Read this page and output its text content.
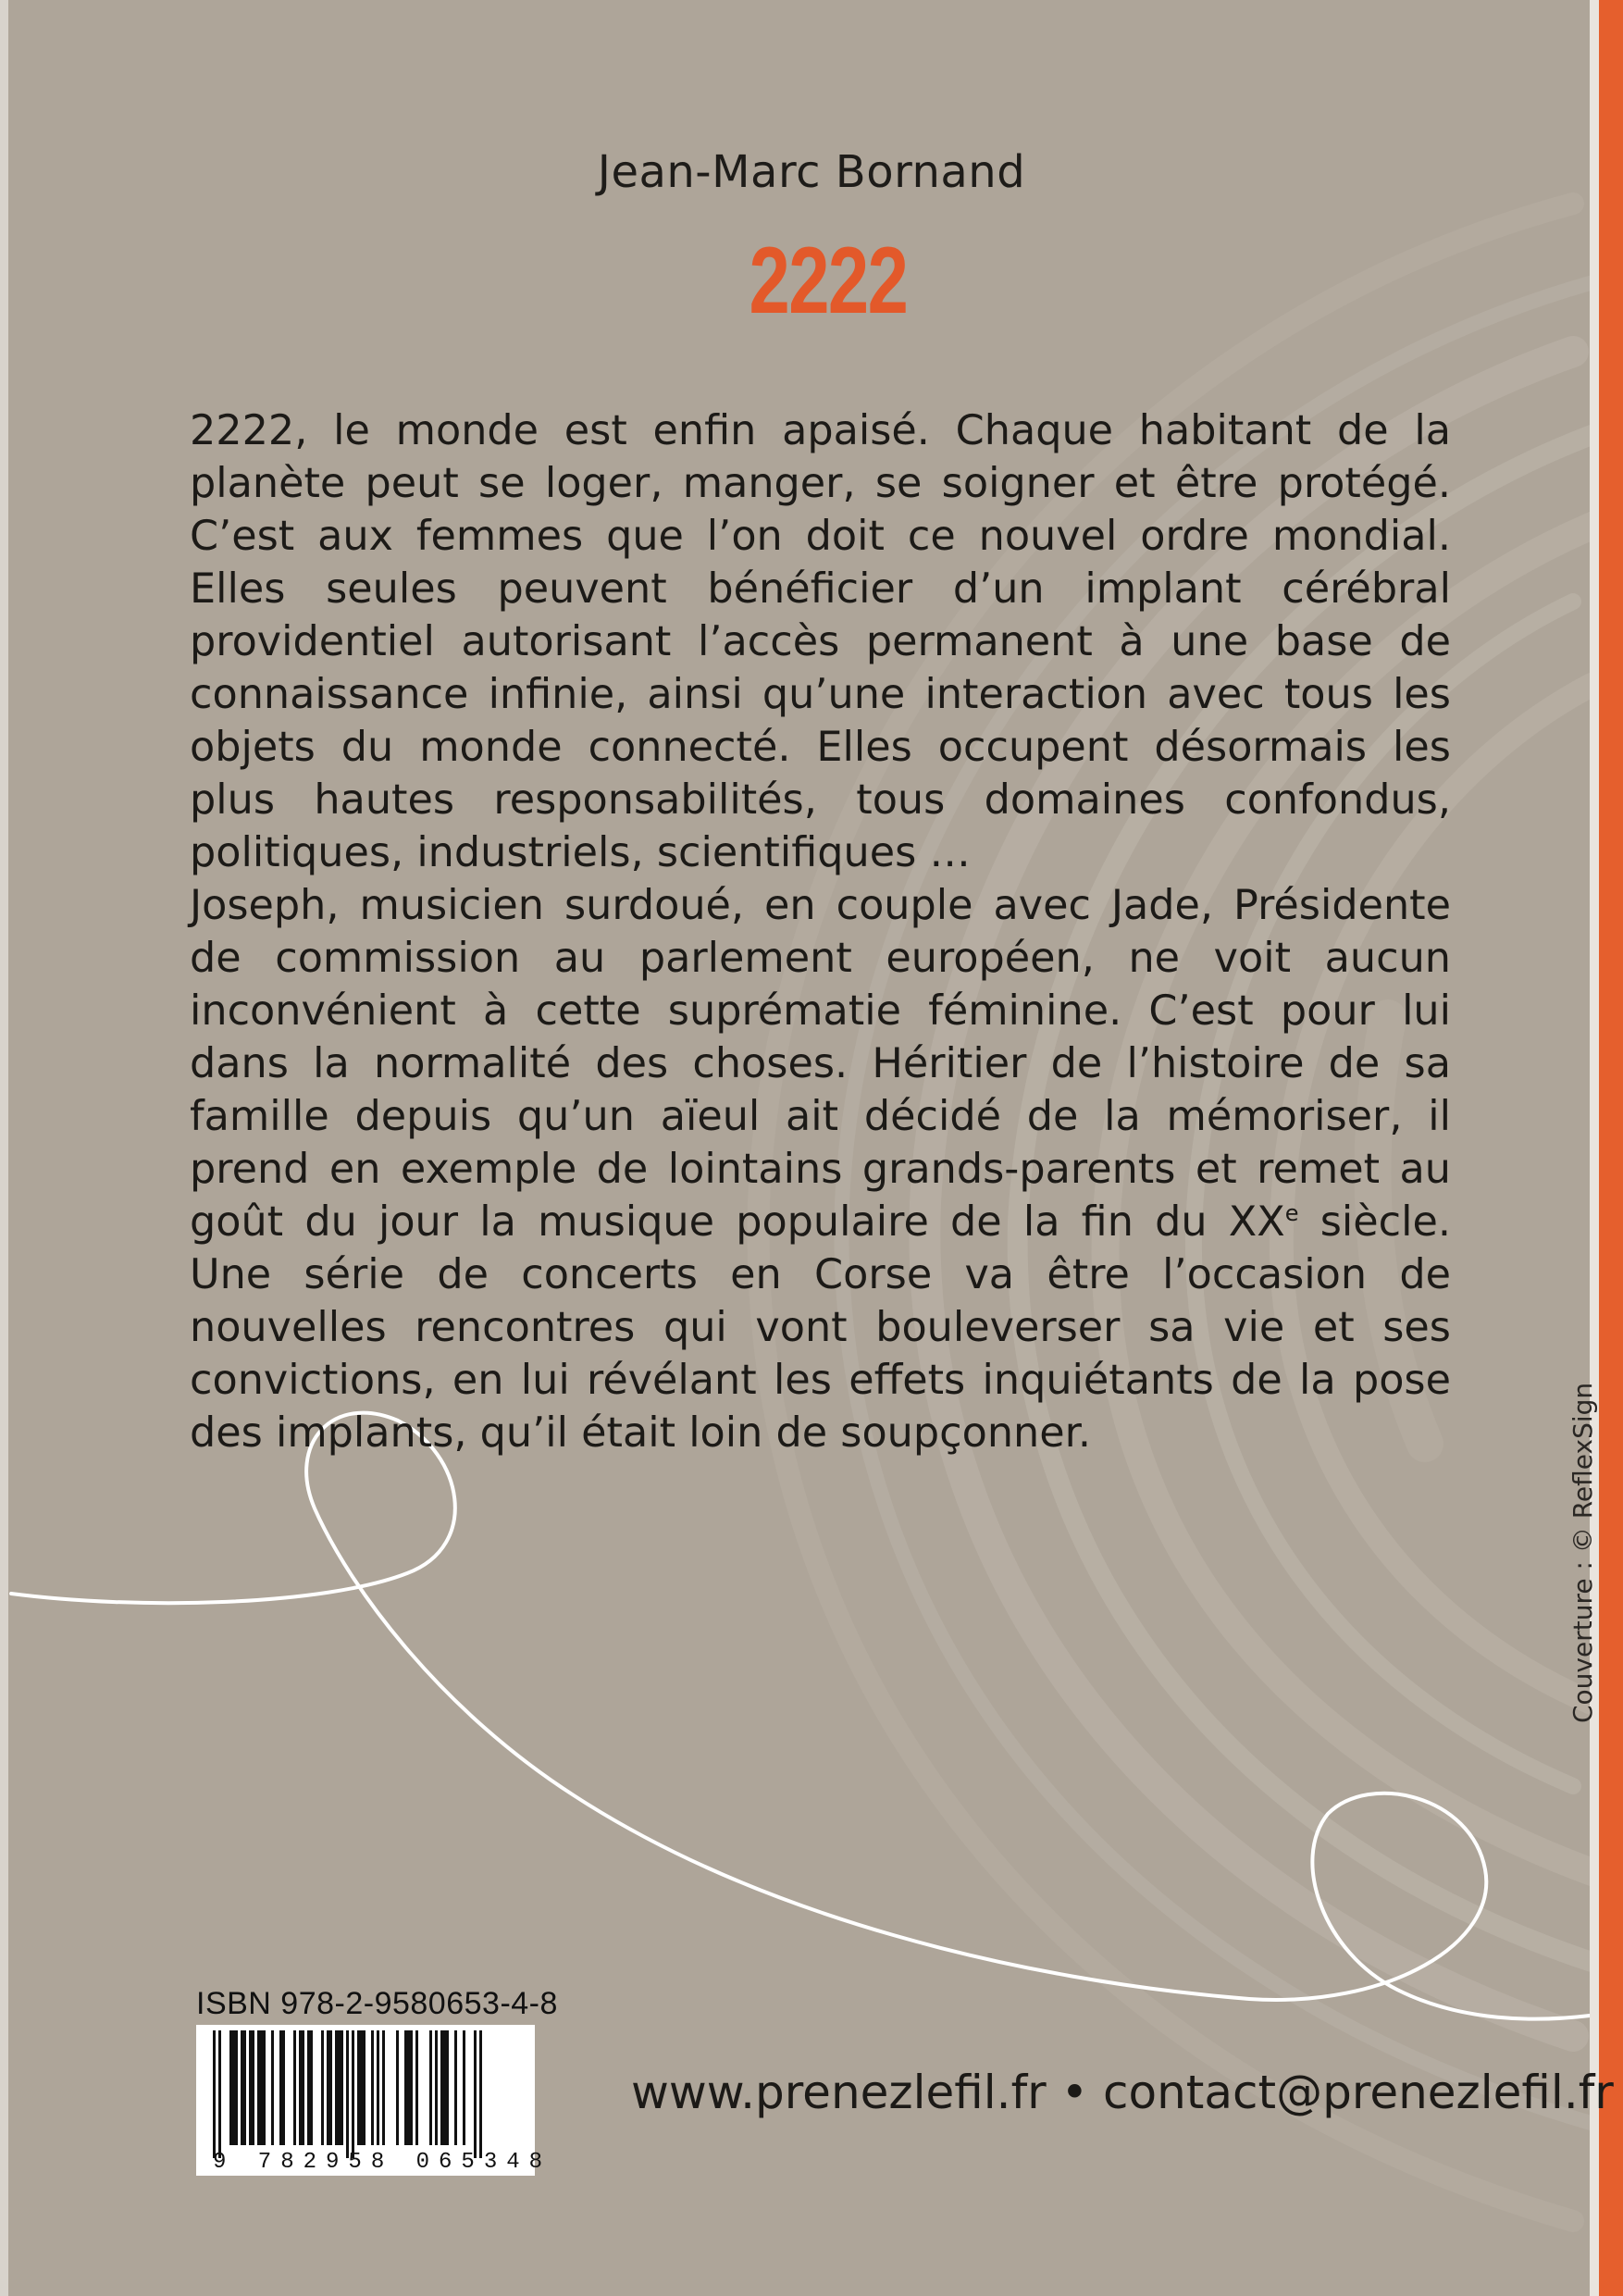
Jean-Marc Bornand
2222

2222, le monde est enfin apaisé. Chaque habitant de la planète peut se loger, manger, se soigner et être protégé. C’est aux femmes que l’on doit ce nouvel ordre mondial. Elles seules peuvent bénéficier d’un implant cérébral providentiel autorisant l’accès permanent à une base de connaissance infinie, ainsi qu’une interaction avec tous les objets du monde connecté. Elles occupent désormais les plus hautes responsabilités, tous domaines confondus, politiques, industriels, scientifiques …

Joseph, musicien surdoué, en couple avec Jade, Présidente de commission au parlement européen, ne voit aucun inconvénient à cette suprématie féminine. C’est pour lui dans la normalité des choses. Héritier de l’histoire de sa famille depuis qu’un aïeul ait décidé de la mémoriser, il prend en exemple de lointains grands-parents et remet au goût du jour la musique populaire de la fin du XXe siècle. Une série de concerts en Corse va être l’occasion de nouvelles rencontres qui vont bouleverser sa vie et ses convictions, en lui révélant les effets inquiétants de la pose des implants, qu’il était loin de soupçonner.	Couverture : © ReflexSign
ISBN 978-2-9580653-4-8
9 782958 065348
www.prenezlefil.fr • contact@prenezlefil.fr
